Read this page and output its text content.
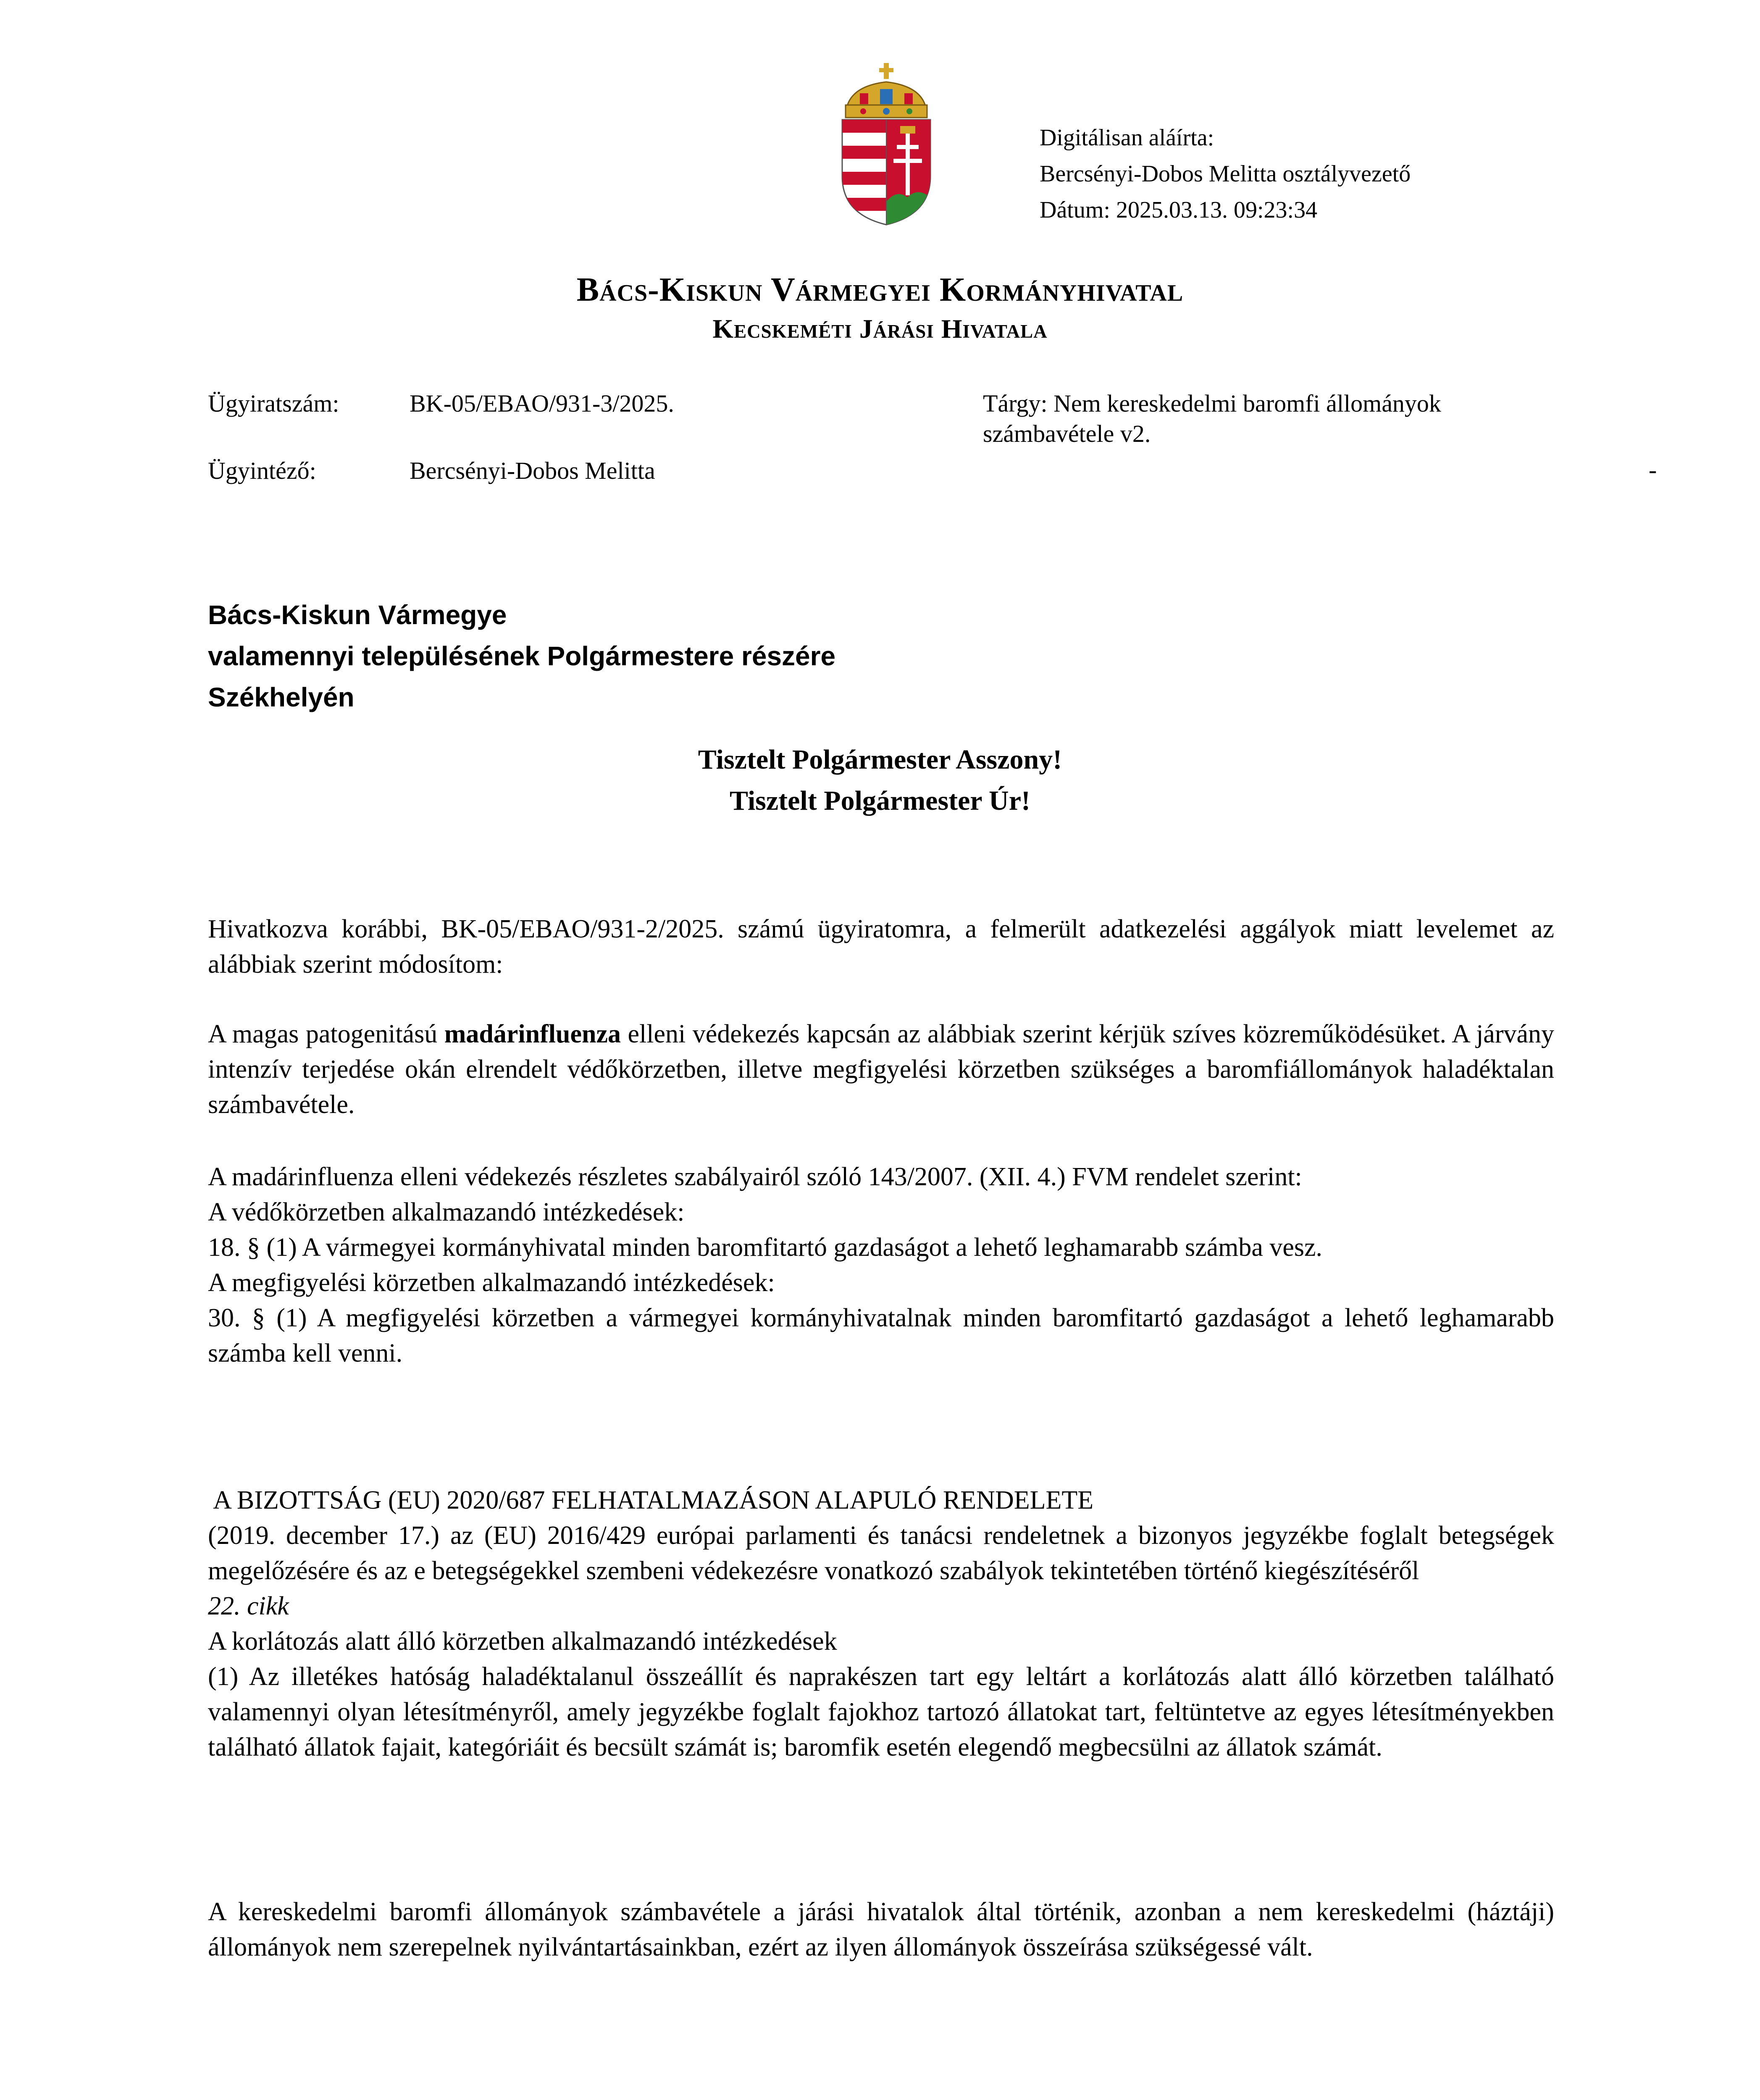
Digitálisan aláírta:
Bercsényi-Dobos Melitta osztályvezető
Dátum: 2025.03.13. 09:23:34
Bács-Kiskun Vármegyei Kormányhivatal
Kecskeméti Járási Hivatala
Ügyiratszám:	BK-05/EBAO/931-3/2025.
Ügyintéző:	Bercsényi-Dobos Melitta
Tárgy: Nem kereskedelmi baromfi állományok számbavétele v2.
-
Bács-Kiskun Vármegye
valamennyi településének Polgármestere részére
Székhelyén
Tisztelt Polgármester Asszony!
Tisztelt Polgármester Úr!

Hivatkozva korábbi, BK-05/EBAO/931-2/2025. számú ügyiratomra, a felmerült adatkezelési aggályok miatt levelemet az alábbiak szerint módosítom:

A magas patogenitású madárinfluenza elleni védekezés kapcsán az alábbiak szerint kérjük szíves közreműködésüket. A járvány intenzív terjedése okán elrendelt védőkörzetben, illetve megfigyelési körzetben szükséges a baromfiállományok haladéktalan számbavétele.

A madárinfluenza elleni védekezés részletes szabályairól szóló 143/2007. (XII. 4.) FVM rendelet szerint:

A védőkörzetben alkalmazandó intézkedések:

18. § (1) A vármegyei kormányhivatal minden baromfitartó gazdaságot a lehető leghamarabb számba vesz.

A megfigyelési körzetben alkalmazandó intézkedések:

30. § (1) A megfigyelési körzetben a vármegyei kormányhivatalnak minden baromfitartó gazdaságot a lehető leghamarabb számba kell venni.

A BIZOTTSÁG (EU) 2020/687 FELHATALMAZÁSON ALAPULÓ RENDELETE

(2019. december 17.) az (EU) 2016/429 európai parlamenti és tanácsi rendeletnek a bizonyos jegyzékbe foglalt betegségek megelőzésére és az e betegségekkel szembeni védekezésre vonatkozó szabályok tekintetében történő kiegészítéséről

22. cikk

A korlátozás alatt álló körzetben alkalmazandó intézkedések

(1) Az illetékes hatóság haladéktalanul összeállít és naprakészen tart egy leltárt a korlátozás alatt álló körzetben található valamennyi olyan létesítményről, amely jegyzékbe foglalt fajokhoz tartozó állatokat tart, feltüntetve az egyes létesítményekben található állatok fajait, kategóriáit és becsült számát is; baromfik esetén elegendő megbecsülni az állatok számát.

A kereskedelmi baromfi állományok számbavétele a járási hivatalok által történik, azonban a nem kereskedelmi (háztáji) állományok nem szerepelnek nyilvántartásainkban, ezért az ilyen állományok összeírása szükségessé vált.
